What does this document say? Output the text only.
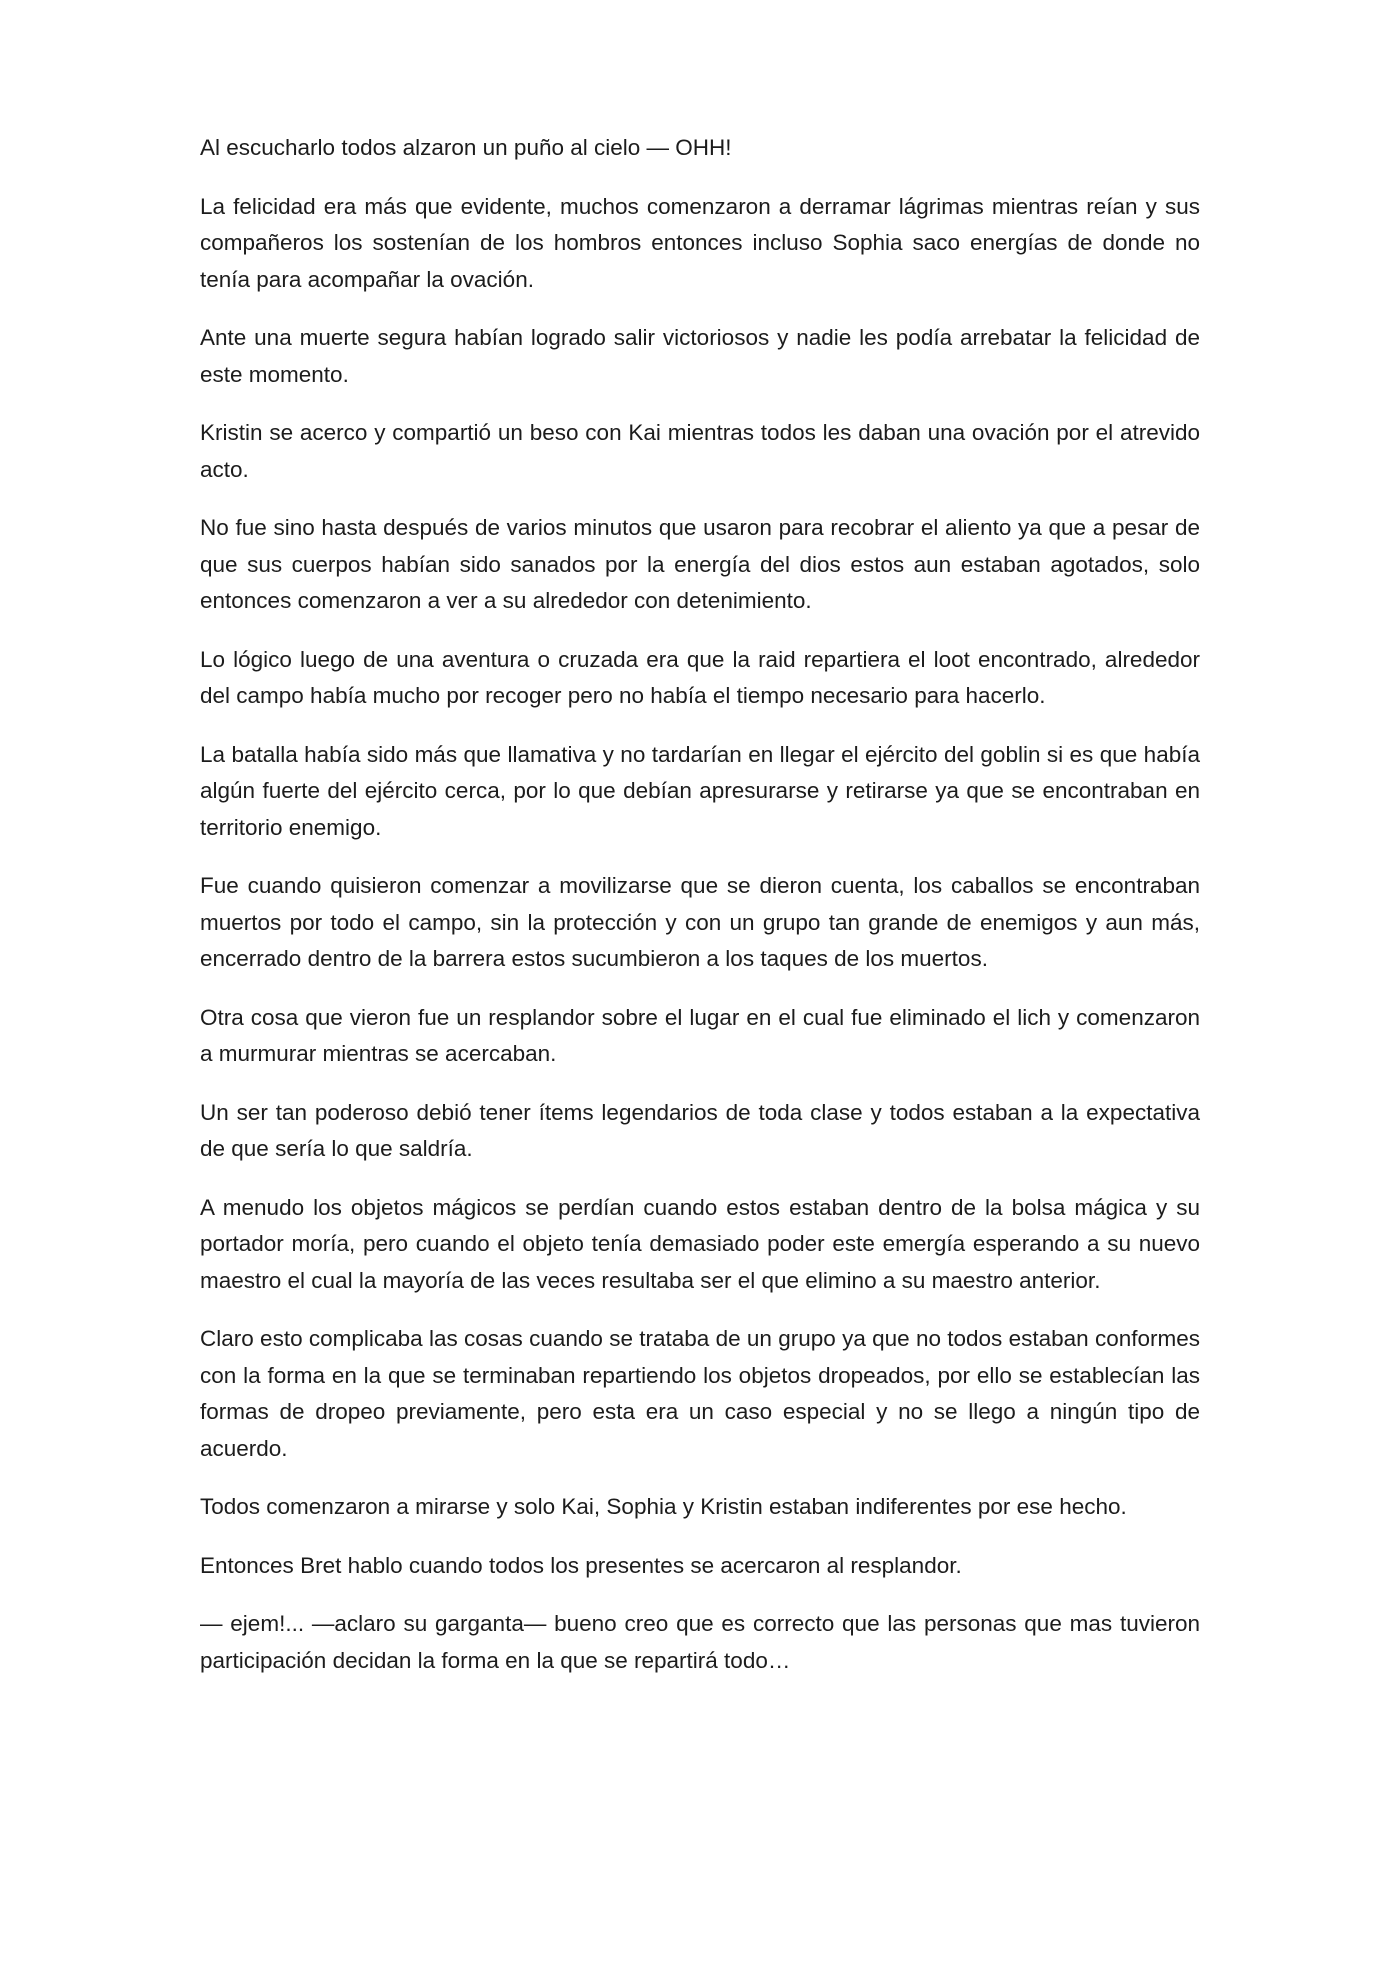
Al escucharlo todos alzaron un puño al cielo — OHH!

La felicidad era más que evidente, muchos comenzaron a derramar lágrimas mientras reían y sus compañeros los sostenían de los hombros entonces incluso Sophia saco energías de donde no tenía para acompañar la ovación.

Ante una muerte segura habían logrado salir victoriosos y nadie les podía arrebatar la felicidad de este momento.

Kristin se acerco y compartió un beso con Kai mientras todos les daban una ovación por el atrevido acto.

No fue sino hasta después de varios minutos que usaron para recobrar el aliento ya que a pesar de que sus cuerpos habían sido sanados por la energía del dios estos aun estaban agotados, solo entonces comenzaron a ver a su alrededor con detenimiento.

Lo lógico luego de una aventura o cruzada era que la raid repartiera el loot encontrado, alrededor del campo había mucho por recoger pero no había el tiempo necesario para hacerlo.

La batalla había sido más que llamativa y no tardarían en llegar el ejército del goblin si es que había algún fuerte del ejército cerca, por lo que debían apresurarse y retirarse ya que se encontraban en territorio enemigo.

Fue cuando quisieron comenzar a movilizarse que se dieron cuenta, los caballos se encontraban muertos por todo el campo, sin la protección y con un grupo tan grande de enemigos y aun más, encerrado dentro de la barrera estos sucumbieron a los taques de los muertos.

Otra cosa que vieron fue un resplandor sobre el lugar en el cual fue eliminado el lich y comenzaron a murmurar mientras se acercaban.

Un ser tan poderoso debió tener ítems legendarios de toda clase y todos estaban a la expectativa de que sería lo que saldría.

A menudo los objetos mágicos se perdían cuando estos estaban dentro de la bolsa mágica y su portador moría, pero cuando el objeto tenía demasiado poder este emergía esperando a su nuevo maestro el cual la mayoría de las veces resultaba ser el que elimino a su maestro anterior.

Claro esto complicaba las cosas cuando se trataba de un grupo ya que no todos estaban conformes con la forma en la que se terminaban repartiendo los objetos dropeados, por ello se establecían las formas de dropeo previamente, pero esta era un caso especial y no se llego a ningún tipo de acuerdo.

Todos comenzaron a mirarse y solo Kai, Sophia y Kristin estaban indiferentes por ese hecho.

Entonces Bret hablo cuando todos los presentes se acercaron al resplandor.

— ejem!... —aclaro su garganta— bueno creo que es correcto que las personas que mas tuvieron participación decidan la forma en la que se repartirá todo…
